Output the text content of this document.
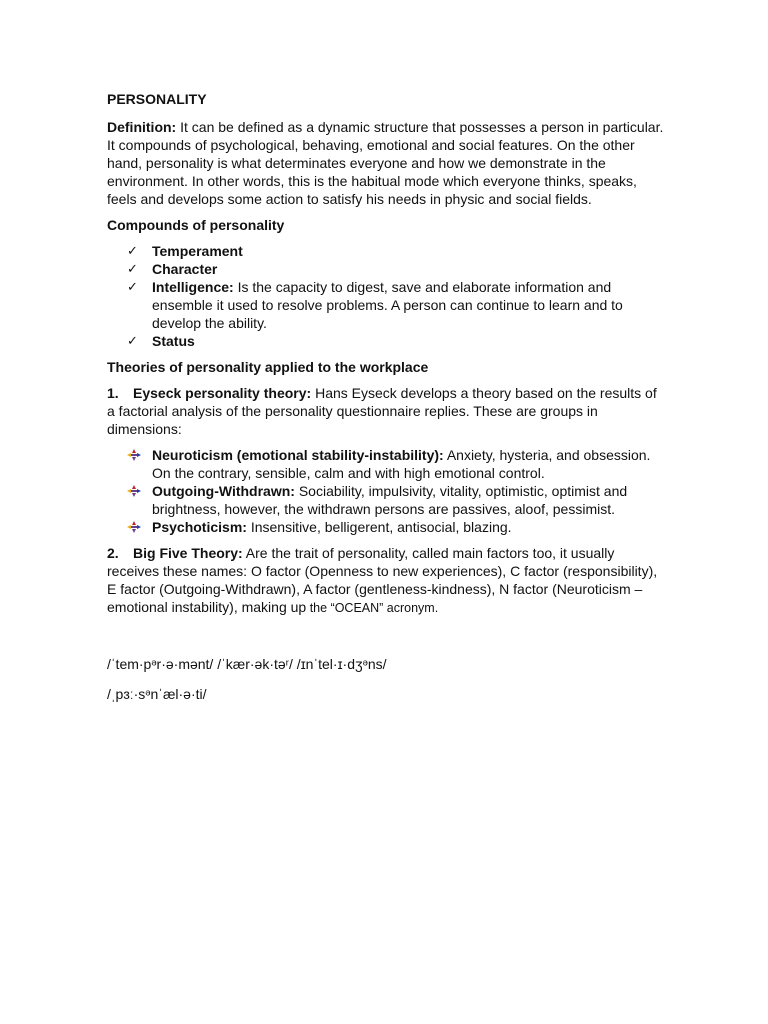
PERSONALITY

Definition: It can be defined as a dynamic structure that possesses a person in particular. It compounds of psychological, behaving, emotional and social features. On the other hand, personality is what determinates everyone and how we demonstrate in the environment. In other words, this is the habitual mode which everyone thinks, speaks, feels and develops some action to satisfy his needs in physic and social fields.

Compounds of personality
✓ Temperament
✓ Character
✓ Intelligence: Is the capacity to digest, save and elaborate information and ensemble it used to resolve problems. A person can continue to learn and to develop the ability.
✓ Status
Theories of personality applied to the workplace

1. Eyseck personality theory: Hans Eyseck develops a theory based on the results of a factorial analysis of the personality questionnaire replies. These are groups in dimensions:

Neuroticism (emotional stability-instability): Anxiety, hysteria, and obsession. On the contrary, sensible, calm and with high emotional control.
Outgoing-Withdrawn: Sociability, impulsivity, vitality, optimistic, optimist and brightness, however, the withdrawn persons are passives, aloof, pessimist.
Psychoticism: Insensitive, belligerent, antisocial, blazing.

2. Big Five Theory: Are the trait of personality, called main factors too, it usually receives these names: O factor (Openness to new experiences), C factor (responsibility), E factor (Outgoing-Withdrawn), A factor (gentleness-kindness), N factor (Neuroticism – emotional instability), making up the “OCEAN” acronym.

/ˈtem·pᵊr·ə·mənt/ /ˈkær·ək·təʳ/ /ɪnˈtel·ɪ·dʒᵊns/
/ˌpɜː·sᵊnˈæl·ə·ti/
